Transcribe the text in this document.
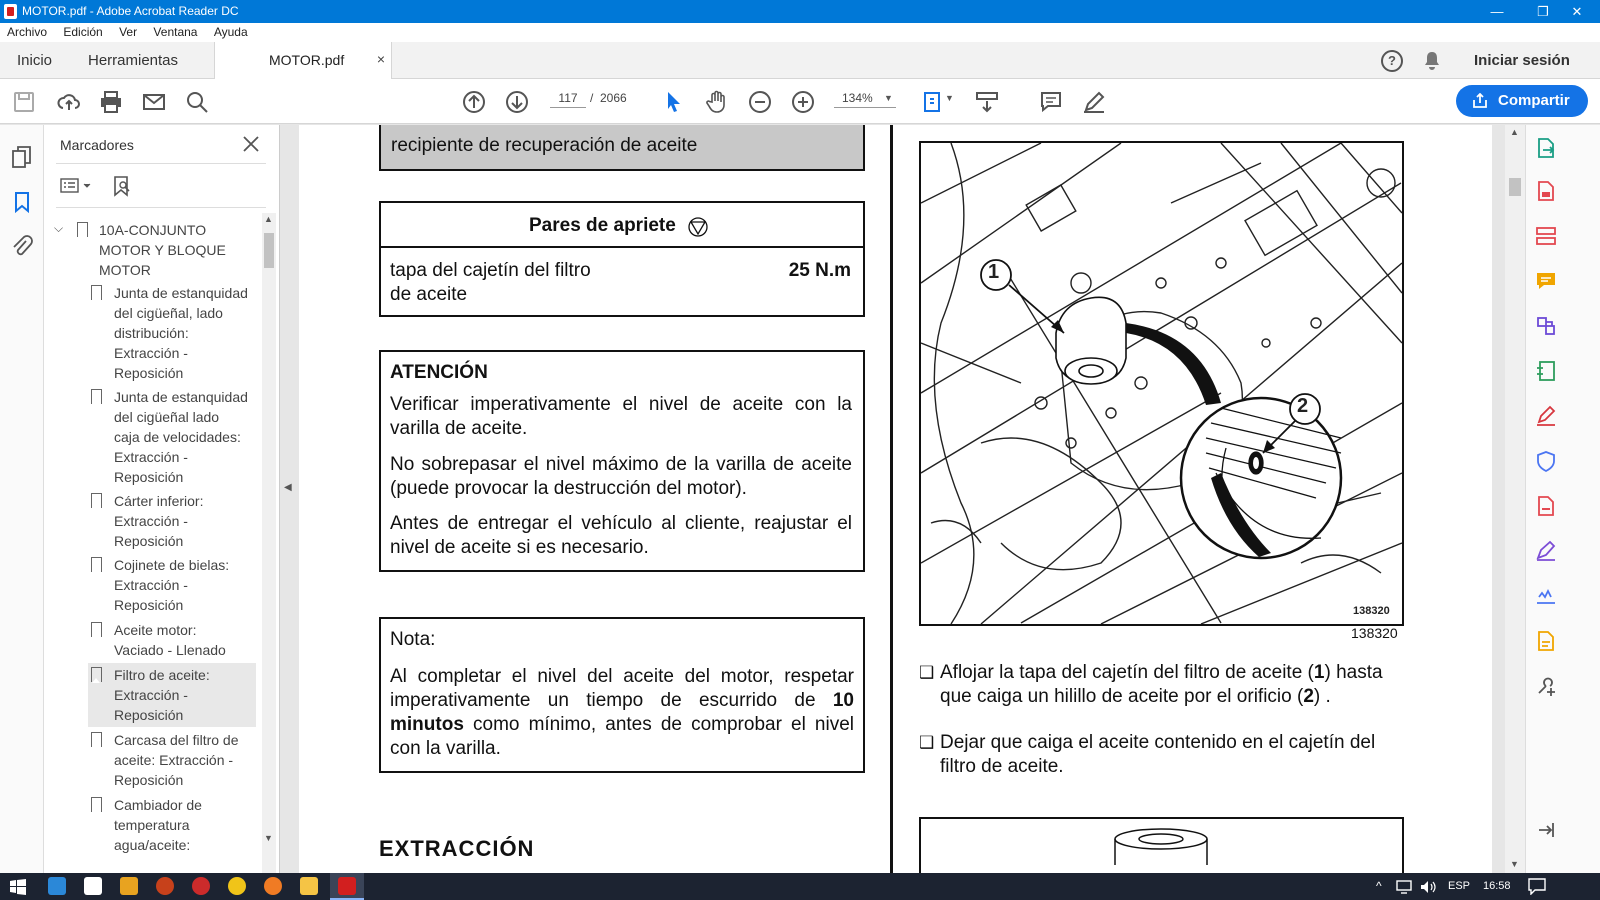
MOTOR.pdf - Adobe Acrobat Reader DC	—	❐	✕
Archivo Edición Ver Ventana Ayuda
Inicio Herramientas	MOTOR.pdf ×	?	Iniciar sesión
117	/ 2066	134%	▼	▼	Compartir
Marcadores
⌵	10A-CONJUNTO MOTOR Y BLOQUE MOTOR
Junta de estanquidad
del cigüeñal, lado
distribución:
Extracción -
Reposición
Junta de estanquidad
del cigüeñal lado
caja de velocidades:
Extracción -
Reposición
Cárter inferior:
Extracción -
Reposición
Cojinete de bielas:
Extracción -
Reposición
Aceite motor:
Vaciado - Llenado
Filtro de aceite:
Extracción -
Reposición
Carcasa del filtro de
aceite: Extracción -
Reposición
Cambiador de
temperatura
agua/aceite:
▲
▼
◀
recipiente de recuperación de aceite
Pares de apriete
tapa del cajetín del filtro
de aceite
25 N.m
ATENCIÓN

Verificar imperativamente el nivel de aceite con la varilla de aceite.

No sobrepasar el nivel máximo de la varilla de aceite (puede provocar la destrucción del motor).

Antes de entregar el vehículo al cliente, reajustar el nivel de aceite si es necesario.

Nota:

Al completar el nivel del aceite del motor, respetar imperativamente un tiempo de escurrido de 10 minutos como mínimo, antes de comprobar el nivel con la varilla.

EXTRACCIÓN
1
2
138320
138320
❑ Aflojar la tapa del cajetín del filtro de aceite (1) hasta que caiga un hilillo de aceite por el orificio (2) .

❑ Dejar que caiga el aceite contenido en el cajetín del filtro de aceite.

▲
▼
^	ESP 16:58
